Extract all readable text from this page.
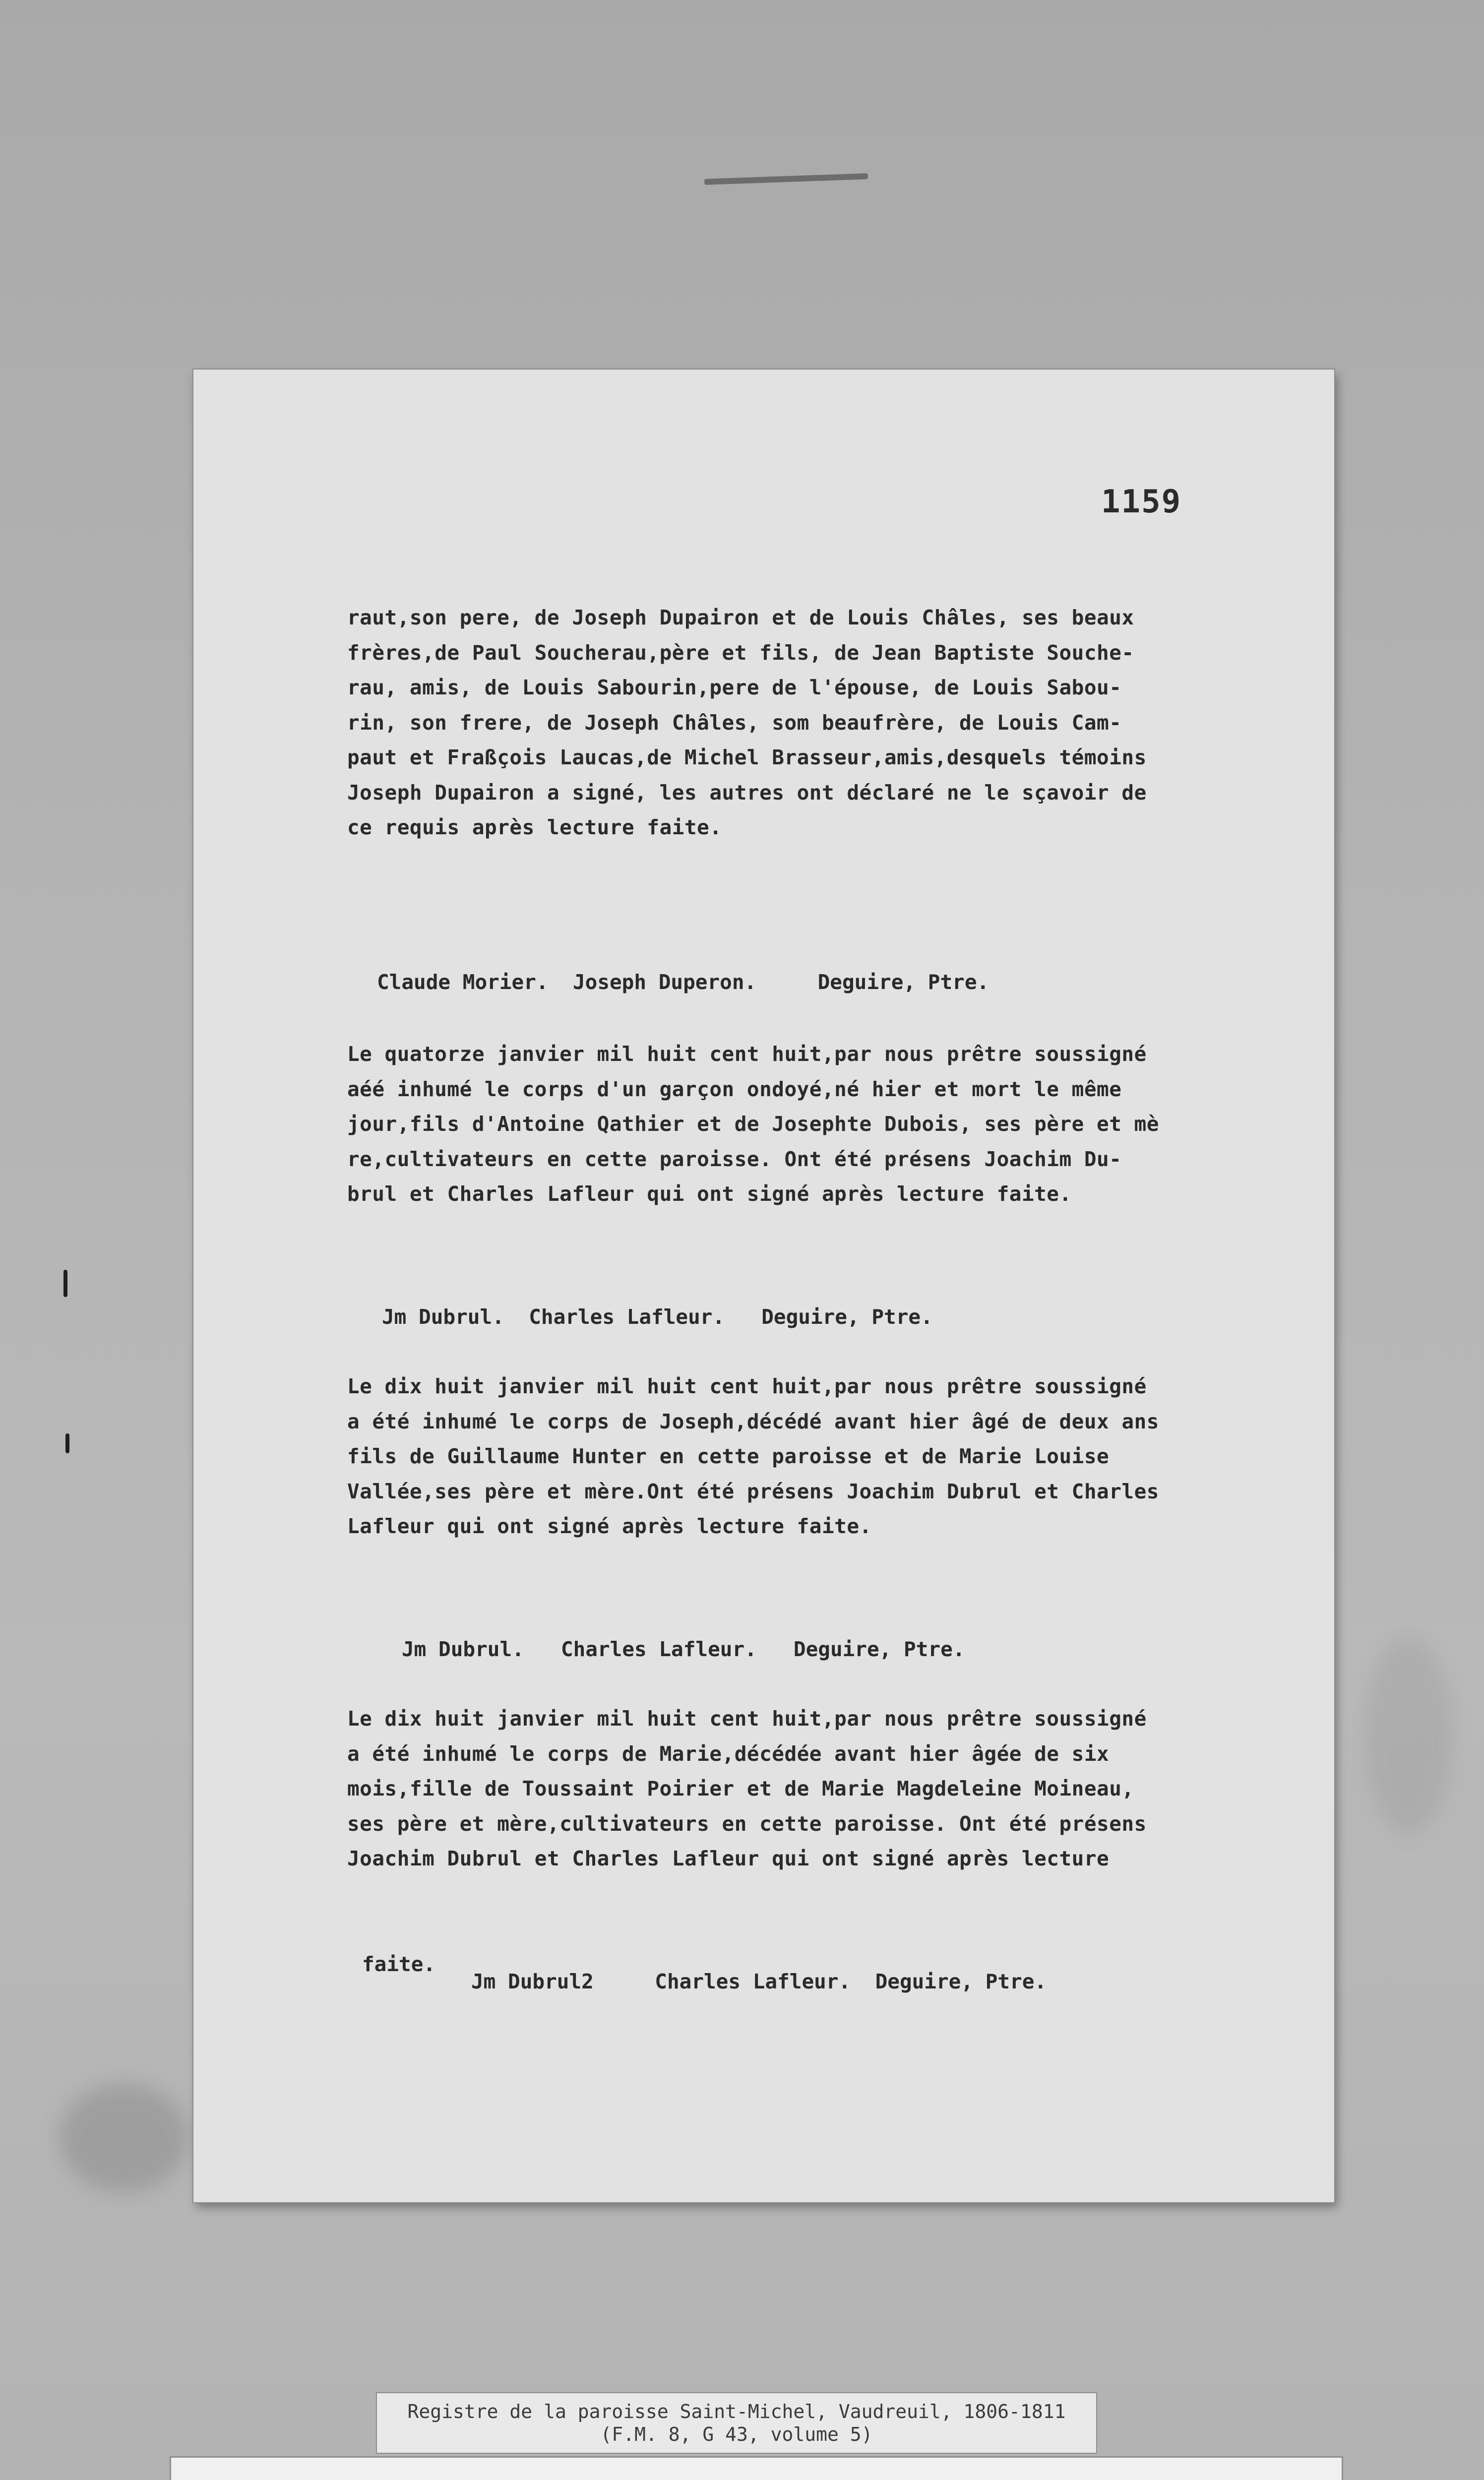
1159

raut,son pere, de Joseph Dupairon et de Louis Châles, ses beaux
frères,de Paul Soucherau,père et fils, de Jean Baptiste Souche-
rau, amis, de Louis Sabourin,pere de l'épouse, de Louis Sabou-
rin, son frere, de Joseph Châles, som beaufrère, de Louis Cam-
paut et Fraßçois Laucas,de Michel Brasseur,amis,desquels témoins
Joseph Dupairon a signé, les autres ont déclaré ne le sçavoir de
ce requis après lecture faite.

Claude Morier.  Joseph Duperon.     Deguire, Ptre.

Le quatorze janvier mil huit cent huit,par nous prêtre soussigné
aéé inhumé le corps d'un garçon ondoyé,né hier et mort le même
jour,fils d'Antoine Qathier et de Josephte Dubois, ses père et mè
re,cultivateurs en cette paroisse. Ont été présens Joachim Du-
brul et Charles Lafleur qui ont signé après lecture faite.

Jm Dubrul.  Charles Lafleur.   Deguire, Ptre.

Le dix huit janvier mil huit cent huit,par nous prêtre soussigné
a été inhumé le corps de Joseph,décédé avant hier âgé de deux ans
fils de Guillaume Hunter en cette paroisse et de Marie Louise
Vallée,ses père et mère.Ont été présens Joachim Dubrul et Charles
Lafleur qui ont signé après lecture faite.

Jm Dubrul.   Charles Lafleur.   Deguire, Ptre.

Le dix huit janvier mil huit cent huit,par nous prêtre soussigné
a été inhumé le corps de Marie,décédée avant hier âgée de six
mois,fille de Toussaint Poirier et de Marie Magdeleine Moineau,
ses père et mère,cultivateurs en cette paroisse. Ont été présens
Joachim Dubrul et Charles Lafleur qui ont signé après lecture

faite.

Jm Dubrul2     Charles Lafleur.  Deguire, Ptre.

Registre de la paroisse Saint-Michel, Vaudreuil, 1806-1811
(F.M. 8, G 43, volume 5)
